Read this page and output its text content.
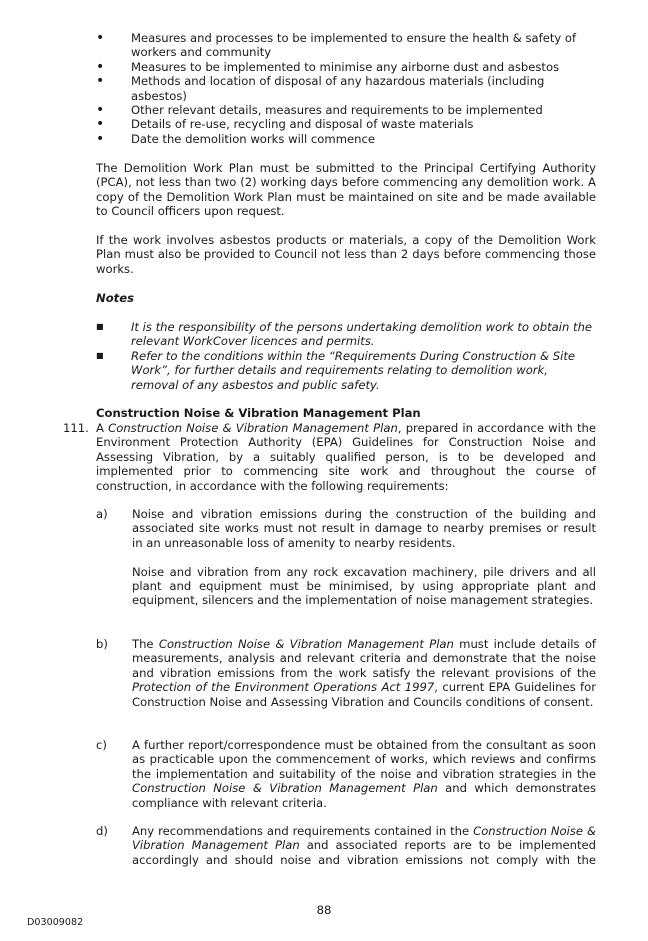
• Measures and processes to be implemented to ensure the health & safety of workers and community
• Measures to be implemented to minimise any airborne dust and asbestos
• Methods and location of disposal of any hazardous materials (including asbestos)
• Other relevant details, measures and requirements to be implemented
• Details of re-use, recycling and disposal of waste materials
• Date the demolition works will commence

The Demolition Work Plan must be submitted to the Principal Certifying Authority (PCA), not less than two (2) working days before commencing any demolition work. A copy of the Demolition Work Plan must be maintained on site and be made available to Council officers upon request.

If the work involves asbestos products or materials, a copy of the Demolition Work Plan must also be provided to Council not less than 2 days before commencing those works.

Notes

■ It is the responsibility of the persons undertaking demolition work to obtain the relevant WorkCover licences and permits.
■ Refer to the conditions within the “Requirements During Construction & Site Work”, for further details and requirements relating to demolition work, removal of any asbestos and public safety.

Construction Noise & Vibration Management Plan

111. A Construction Noise & Vibration Management Plan, prepared in accordance with the Environment Protection Authority (EPA) Guidelines for Construction Noise and Assessing Vibration, by a suitably qualified person, is to be developed and implemented prior to commencing site work and throughout the course of construction, in accordance with the following requirements:

a) Noise and vibration emissions during the construction of the building and associated site works must not result in damage to nearby premises or result in an unreasonable loss of amenity to nearby residents.

Noise and vibration from any rock excavation machinery, pile drivers and all plant and equipment must be minimised, by using appropriate plant and equipment, silencers and the implementation of noise management strategies.

b) The Construction Noise & Vibration Management Plan must include details of measurements, analysis and relevant criteria and demonstrate that the noise and vibration emissions from the work satisfy the relevant provisions of the Protection of the Environment Operations Act 1997, current EPA Guidelines for Construction Noise and Assessing Vibration and Councils conditions of consent.

c) A further report/correspondence must be obtained from the consultant as soon as practicable upon the commencement of works, which reviews and confirms the implementation and suitability of the noise and vibration strategies in the Construction Noise & Vibration Management Plan and which demonstrates compliance with relevant criteria.

d) Any recommendations and requirements contained in the Construction Noise & Vibration Management Plan and associated reports are to be implemented accordingly and should noise and vibration emissions not comply with the

88

D03009082
